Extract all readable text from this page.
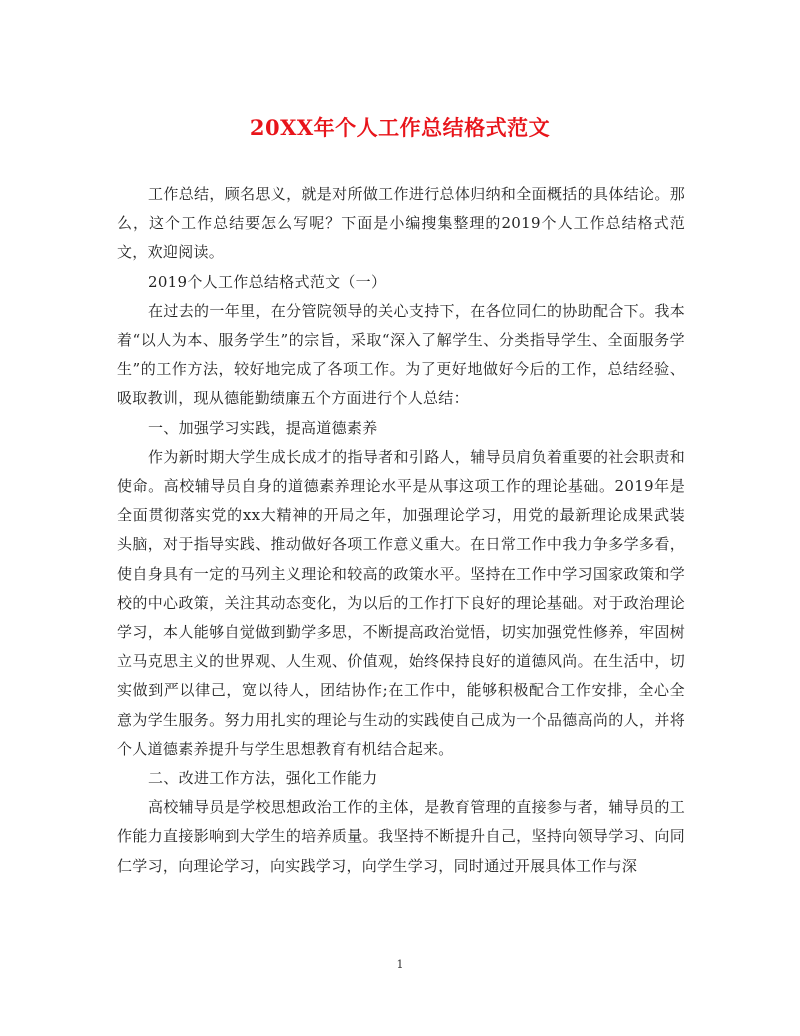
20XX年个人工作总结格式范文

工作总结，顾名思义，就是对所做工作进行总体归纳和全面概括的具体结论。那么，这个工作总结要怎么写呢？下面是小编搜集整理的2019个人工作总结格式范文，欢迎阅读。

2019个人工作总结格式范文（一）

在过去的一年里，在分管院领导的关心支持下，在各位同仁的协助配合下。我本着“以人为本、服务学生”的宗旨，采取“深入了解学生、分类指导学生、全面服务学生”的工作方法，较好地完成了各项工作。为了更好地做好今后的工作，总结经验、吸取教训，现从德能勤绩廉五个方面进行个人总结：

一、加强学习实践，提高道德素养

作为新时期大学生成长成才的指导者和引路人，辅导员肩负着重要的社会职责和使命。高校辅导员自身的道德素养理论水平是从事这项工作的理论基础。2019年是全面贯彻落实党的xx大精神的开局之年，加强理论学习，用党的最新理论成果武装头脑，对于指导实践、推动做好各项工作意义重大。在日常工作中我力争多学多看，使自身具有一定的马列主义理论和较高的政策水平。坚持在工作中学习国家政策和学校的中心政策，关注其动态变化，为以后的工作打下良好的理论基础。对于政治理论学习，本人能够自觉做到勤学多思，不断提高政治觉悟，切实加强党性修养，牢固树立马克思主义的世界观、人生观、价值观，始终保持良好的道德风尚。在生活中，切实做到严以律己，宽以待人，团结协作;在工作中，能够积极配合工作安排，全心全意为学生服务。努力用扎实的理论与生动的实践使自己成为一个品德高尚的人，并将个人道德素养提升与学生思想教育有机结合起来。

二、改进工作方法，强化工作能力

高校辅导员是学校思想政治工作的主体，是教育管理的直接参与者，辅导员的工作能力直接影响到大学生的培养质量。我坚持不断提升自己，坚持向领导学习、向同仁学习，向理论学习，向实践学习，向学生学习，同时通过开展具体工作与深

1
